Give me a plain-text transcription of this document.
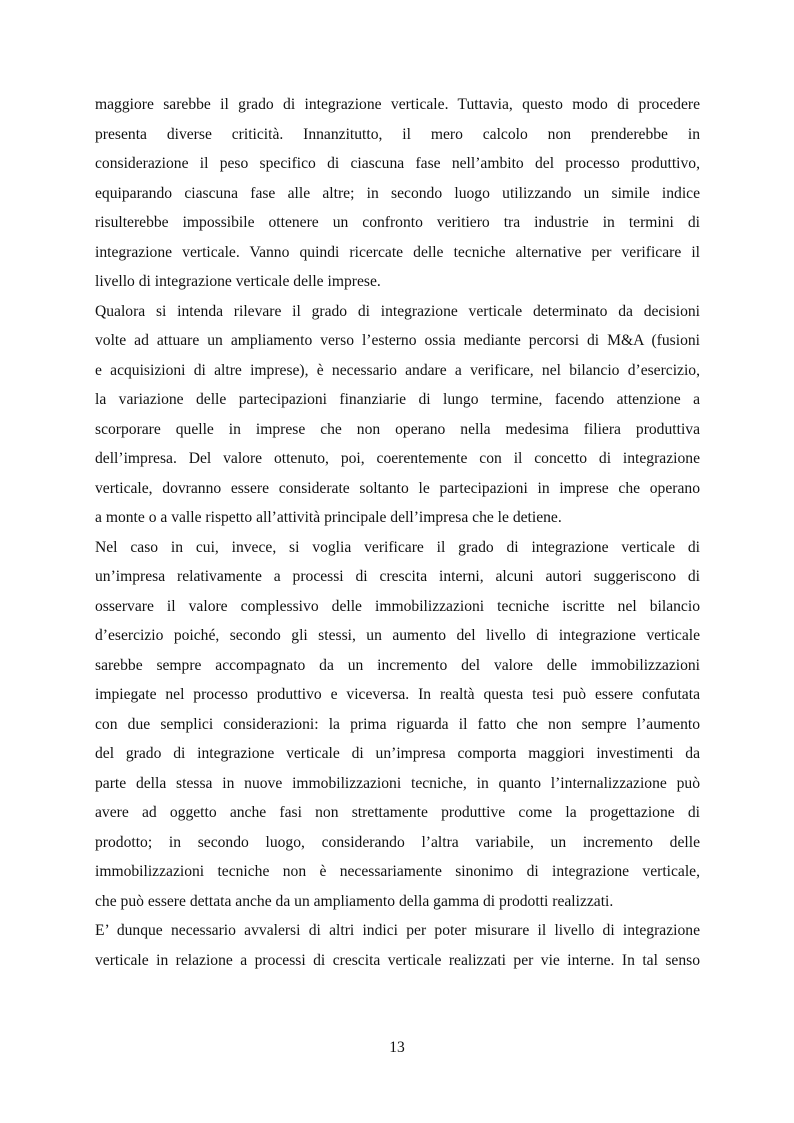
maggiore sarebbe il grado di integrazione verticale. Tuttavia, questo modo di procedere
presenta diverse criticità. Innanzitutto, il mero calcolo non prenderebbe in
considerazione il peso specifico di ciascuna fase nell’ambito del processo produttivo,
equiparando ciascuna fase alle altre; in secondo luogo utilizzando un simile indice
risulterebbe impossibile ottenere un confronto veritiero tra industrie in termini di
integrazione verticale. Vanno quindi ricercate delle tecniche alternative per verificare il
livello di integrazione verticale delle imprese.
Qualora si intenda rilevare il grado di integrazione verticale determinato da decisioni
volte ad attuare un ampliamento verso l’esterno ossia mediante percorsi di M&A (fusioni
e acquisizioni di altre imprese), è necessario andare a verificare, nel bilancio d’esercizio,
la variazione delle partecipazioni finanziarie di lungo termine, facendo attenzione a
scorporare quelle in imprese che non operano nella medesima filiera produttiva
dell’impresa. Del valore ottenuto, poi, coerentemente con il concetto di integrazione
verticale, dovranno essere considerate soltanto le partecipazioni in imprese che operano
a monte o a valle rispetto all’attività principale dell’impresa che le detiene.
Nel caso in cui, invece, si voglia verificare il grado di integrazione verticale di
un’impresa relativamente a processi di crescita interni, alcuni autori suggeriscono di
osservare il valore complessivo delle immobilizzazioni tecniche iscritte nel bilancio
d’esercizio poiché, secondo gli stessi, un aumento del livello di integrazione verticale
sarebbe sempre accompagnato da un incremento del valore delle immobilizzazioni
impiegate nel processo produttivo e viceversa. In realtà questa tesi può essere confutata
con due semplici considerazioni: la prima riguarda il fatto che non sempre l’aumento
del grado di integrazione verticale di un’impresa comporta maggiori investimenti da
parte della stessa in nuove immobilizzazioni tecniche, in quanto l’internalizzazione può
avere ad oggetto anche fasi non strettamente produttive come la progettazione di
prodotto; in secondo luogo, considerando l’altra variabile, un incremento delle
immobilizzazioni tecniche non è necessariamente sinonimo di integrazione verticale,
che può essere dettata anche da un ampliamento della gamma di prodotti realizzati.
E’ dunque necessario avvalersi di altri indici per poter misurare il livello di integrazione
verticale in relazione a processi di crescita verticale realizzati per vie interne. In tal senso
13
